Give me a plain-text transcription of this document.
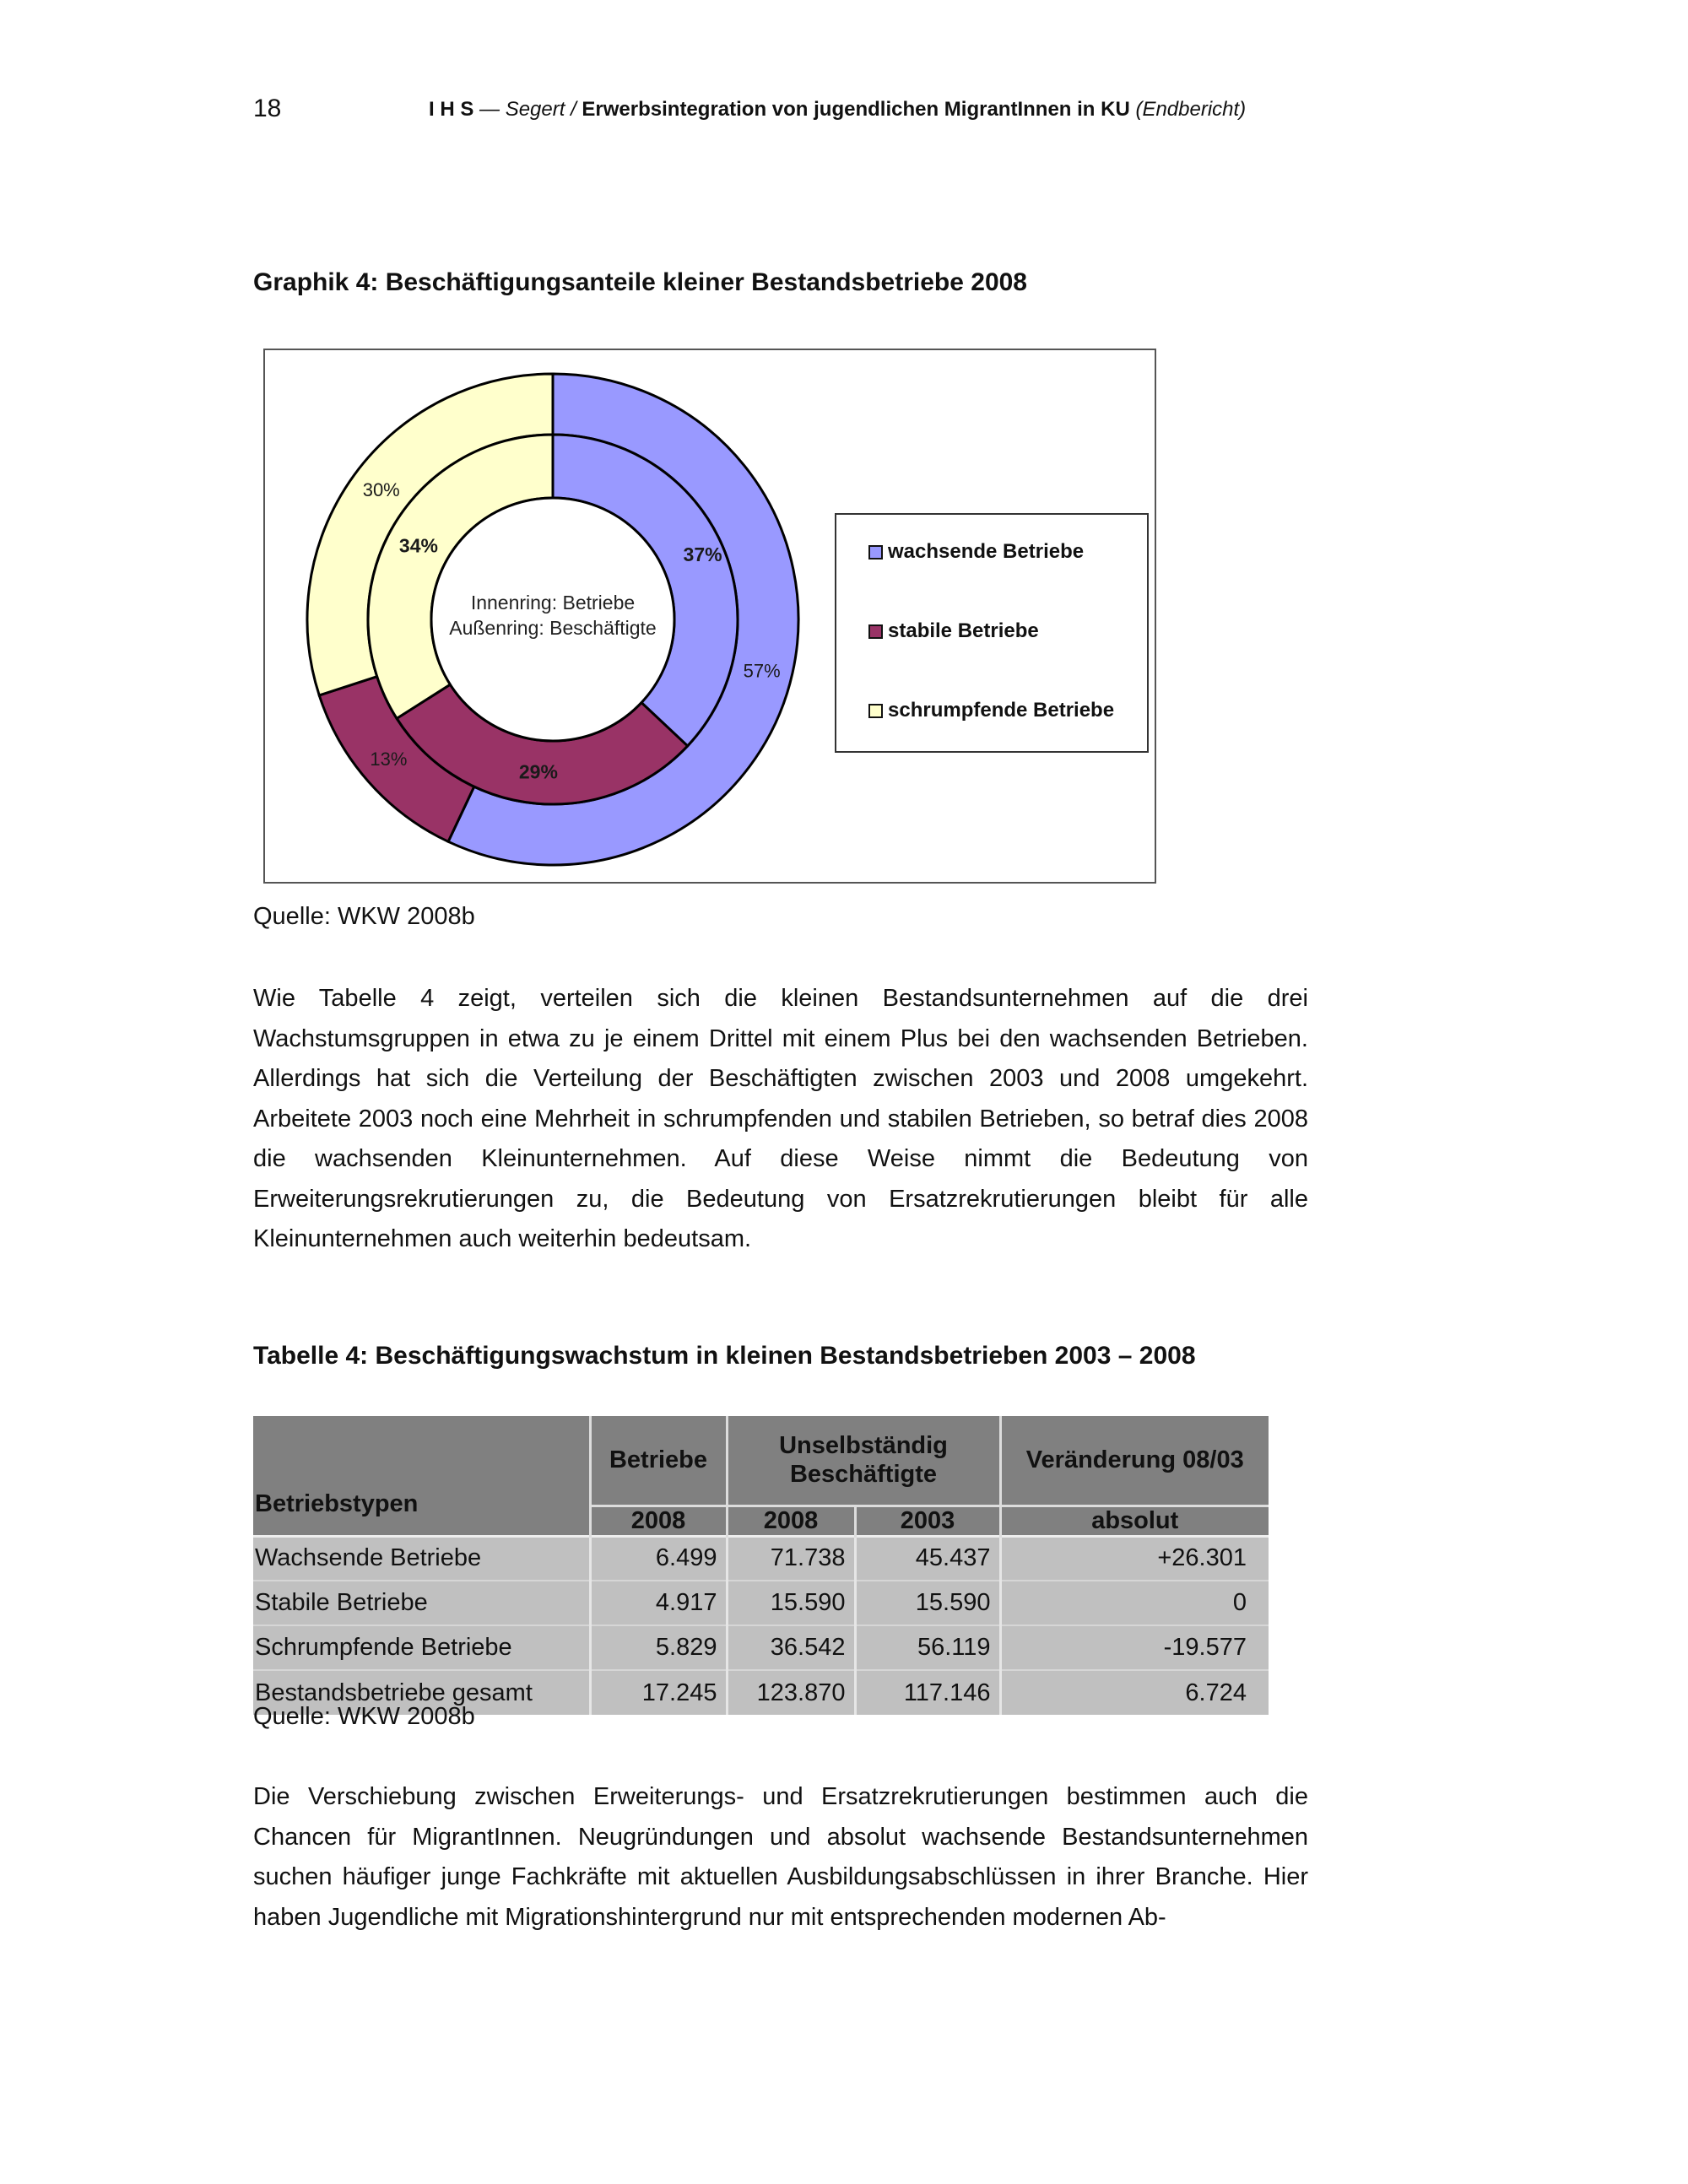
18	I H S — Segert / Erwerbsintegration von jugendlichen MigrantInnen in KU (Endbericht)
Graphik 4: Beschäftigungsanteile kleiner Bestandsbetriebe 2008
57%
13%
30%
37%
29%
34%
Innenring: Betriebe
Außenring: Beschäftigte
wachsende Betriebe
stabile Betriebe
schrumpfende Betriebe
Quelle: WKW 2008b
Wie Tabelle 4 zeigt, verteilen sich die kleinen Bestandsunternehmen auf die drei Wachstumsgruppen in etwa zu je einem Drittel mit einem Plus bei den wachsenden Betrieben. Allerdings hat sich die Verteilung der Beschäftigten zwischen 2003 und 2008 umgekehrt. Arbeitete 2003 noch eine Mehrheit in schrumpfenden und stabilen Betrieben, so betraf dies 2008 die wachsenden Kleinunternehmen. Auf diese Weise nimmt die Bedeutung von Erweiterungsrekrutierungen zu, die Bedeutung von Ersatzrekrutierungen bleibt für alle Kleinunternehmen auch weiterhin bedeutsam.
Tabelle 4: Beschäftigungswachstum in kleinen Bestandsbetrieben 2003 – 2008
Betriebstypen	Betriebe	Unselbständig Beschäftigte		Veränderung 08/03
	2008	2008	2003	absolut
Wachsende Betriebe	6.499	71.738	45.437	+26.301
Stabile Betriebe	4.917	15.590	15.590	0
Schrumpfende Betriebe	5.829	36.542	56.119	-19.577
Bestandsbetriebe gesamt	17.245	123.870	117.146	6.724
Quelle: WKW 2008b
Die Verschiebung zwischen Erweiterungs- und Ersatzrekrutierungen bestimmen auch die Chancen für MigrantInnen. Neugründungen und absolut wachsende Bestandsunternehmen suchen häufiger junge Fachkräfte mit aktuellen Ausbildungsabschlüssen in ihrer Branche. Hier haben Jugendliche mit Migrationshintergrund nur mit entsprechenden modernen Ab-
